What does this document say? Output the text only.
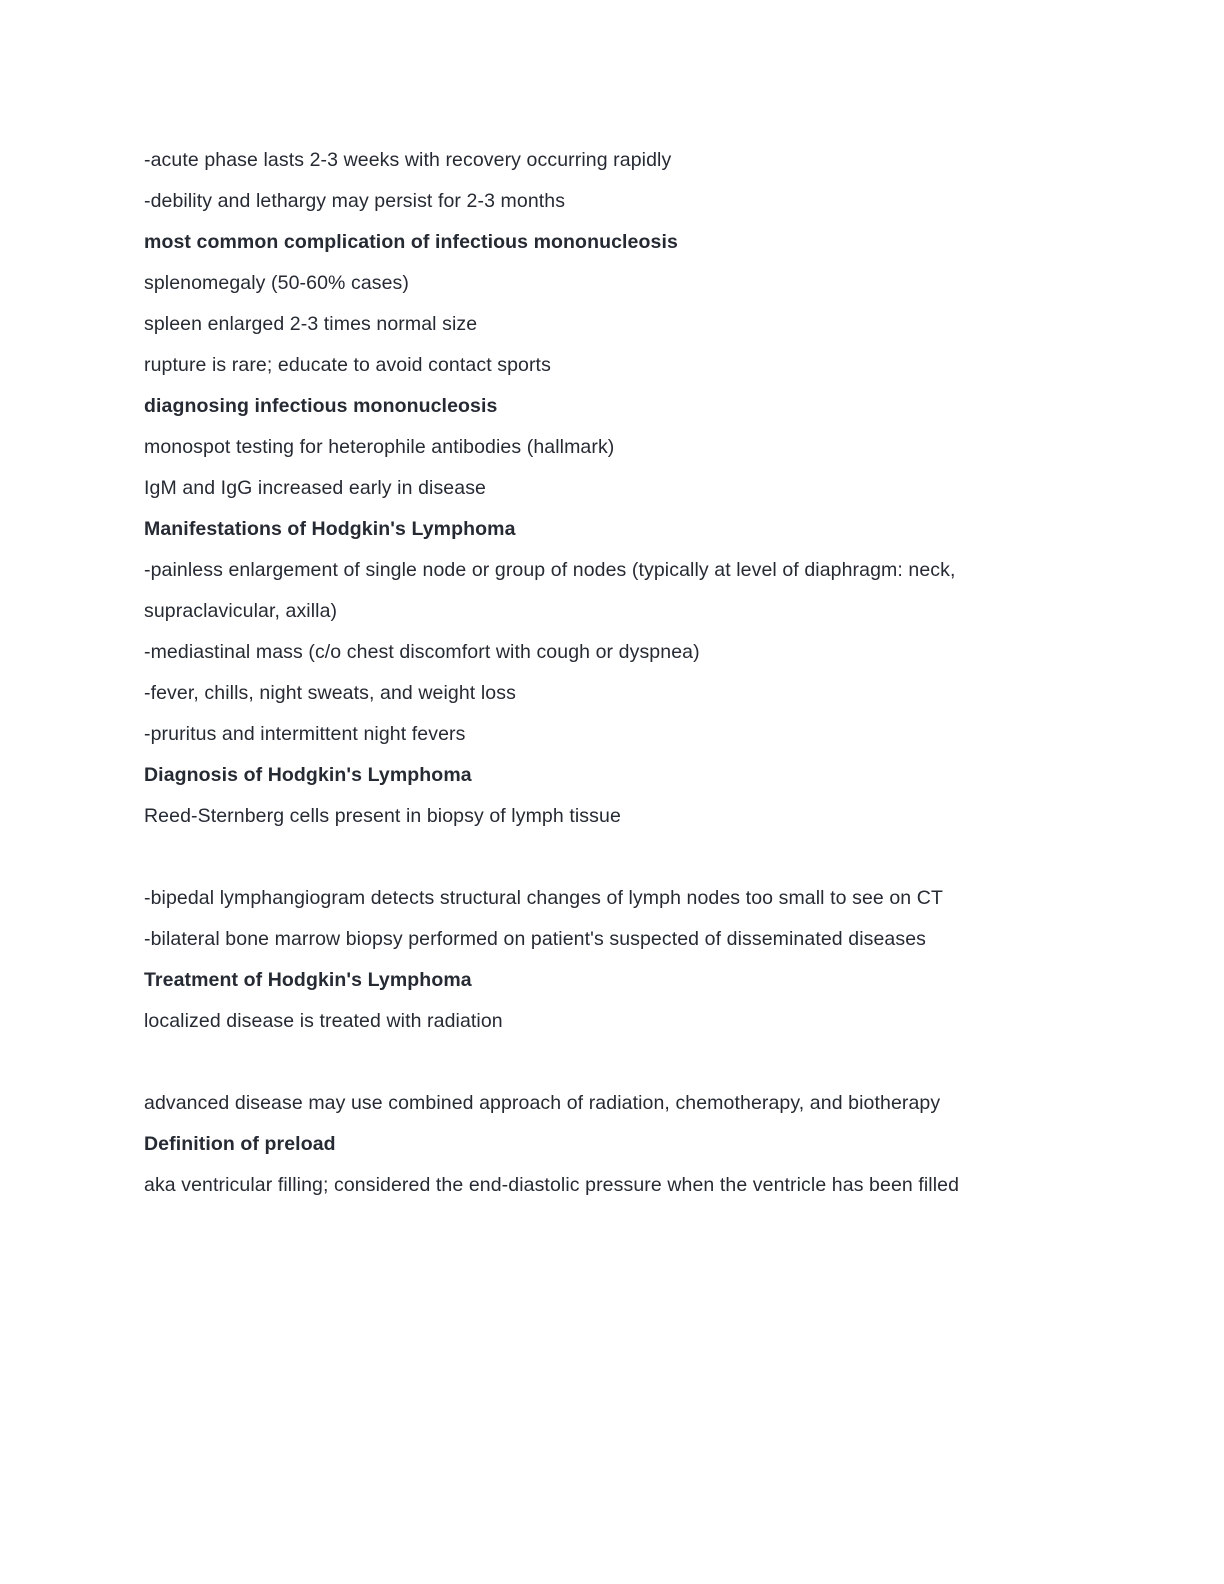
-acute phase lasts 2-3 weeks with recovery occurring rapidly

-debility and lethargy may persist for 2-3 months

most common complication of infectious mononucleosis

splenomegaly (50-60% cases)

spleen enlarged 2-3 times normal size

rupture is rare; educate to avoid contact sports

diagnosing infectious mononucleosis

monospot testing for heterophile antibodies (hallmark)

IgM and IgG increased early in disease

Manifestations of Hodgkin's Lymphoma

-painless enlargement of single node or group of nodes (typically at level of diaphragm: neck, supraclavicular, axilla)

-mediastinal mass (c/o chest discomfort with cough or dyspnea)

-fever, chills, night sweats, and weight loss

-pruritus and intermittent night fevers

Diagnosis of Hodgkin's Lymphoma

Reed-Sternberg cells present in biopsy of lymph tissue

-bipedal lymphangiogram detects structural changes of lymph nodes too small to see on CT

-bilateral bone marrow biopsy performed on patient's suspected of disseminated diseases

Treatment of Hodgkin's Lymphoma

localized disease is treated with radiation

advanced disease may use combined approach of radiation, chemotherapy, and biotherapy

Definition of preload

aka ventricular filling; considered the end-diastolic pressure when the ventricle has been filled
